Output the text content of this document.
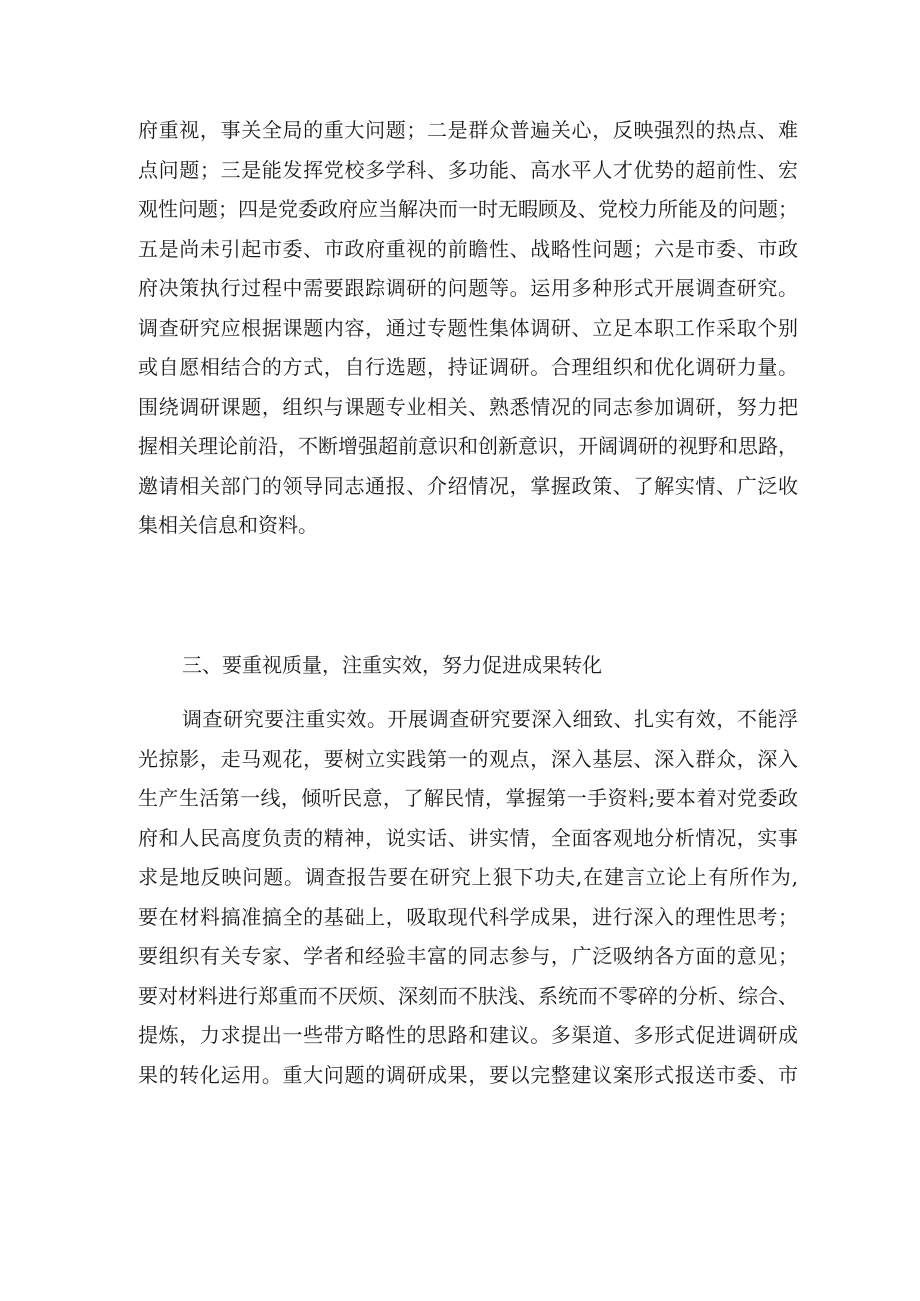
府重视，事关全局的重大问题；二是群众普遍关心，反映强烈的热点、难
点问题；三是能发挥党校多学科、多功能、高水平人才优势的超前性、宏
观性问题；四是党委政府应当解决而一时无暇顾及、党校力所能及的问题；
五是尚未引起市委、市政府重视的前瞻性、战略性问题；六是市委、市政
府决策执行过程中需要跟踪调研的问题等。运用多种形式开展调查研究。
调查研究应根据课题内容，通过专题性集体调研、立足本职工作采取个别
或自愿相结合的方式，自行选题，持证调研。合理组织和优化调研力量。
围绕调研课题，组织与课题专业相关、熟悉情况的同志参加调研，努力把
握相关理论前沿，不断增强超前意识和创新意识，开阔调研的视野和思路，
邀请相关部门的领导同志通报、介绍情况，掌握政策、了解实情、广泛收
集相关信息和资料。
三、要重视质量，注重实效，努力促进成果转化
调查研究要注重实效。开展调查研究要深入细致、扎实有效，不能浮
光掠影，走马观花，要树立实践第一的观点，深入基层、深入群众，深入
生产生活第一线，倾听民意，了解民情，掌握第一手资料;要本着对党委政
府和人民高度负责的精神，说实话、讲实情，全面客观地分析情况，实事
求是地反映问题。调查报告要在研究上狠下功夫,在建言立论上有所作为,
要在材料搞准搞全的基础上，吸取现代科学成果，进行深入的理性思考；
要组织有关专家、学者和经验丰富的同志参与，广泛吸纳各方面的意见；
要对材料进行郑重而不厌烦、深刻而不肤浅、系统而不零碎的分析、综合、
提炼，力求提出一些带方略性的思路和建议。多渠道、多形式促进调研成
果的转化运用。重大问题的调研成果，要以完整建议案形式报送市委、市
